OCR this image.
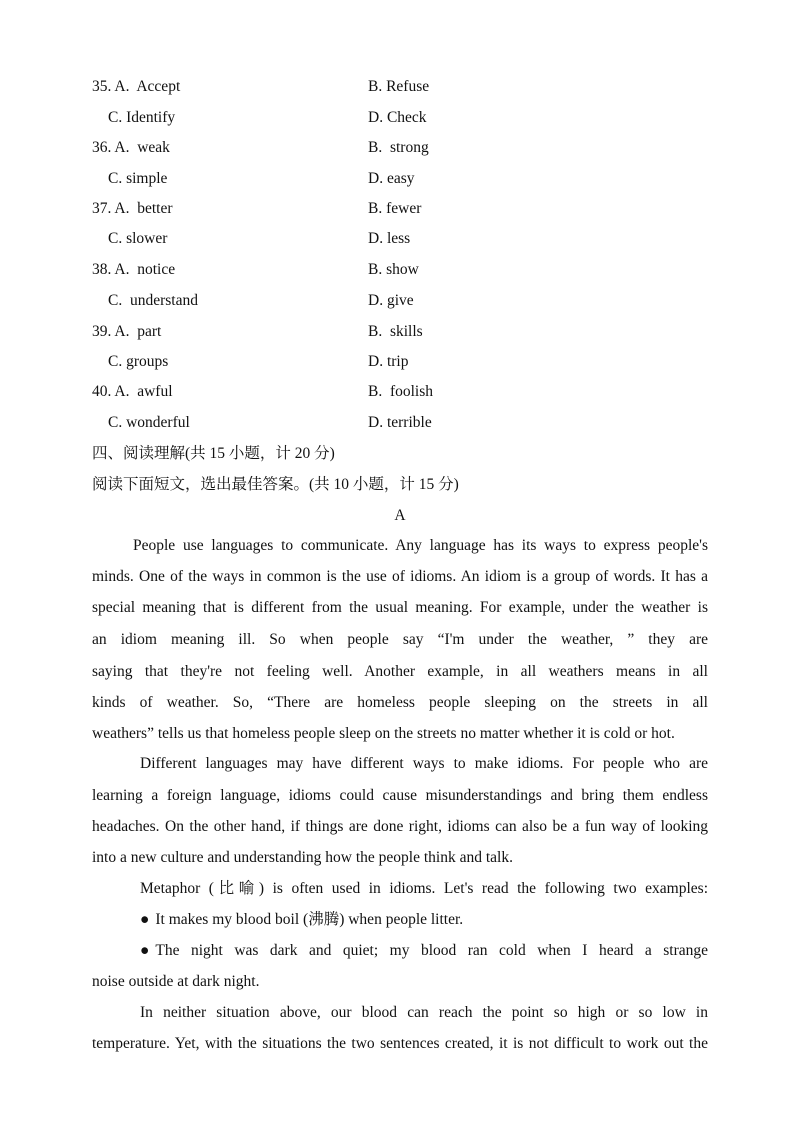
35. A.  Accept	B. Refuse
C. Identify	D. Check
36. A.  weak	B.  strong
C. simple	D. easy
37. A.  better	B. fewer
C. slower	D. less
38. A.  notice	B. show
C.  understand	D. give
39. A.  part	B.  skills
C. groups	D. trip
40. A.  awful	B.  foolish
C. wonderful	D. terrible
四、阅读理解(共 15 小题，计 20 分)
阅读下面短文，选出最佳答案。(共 10 小题，计 15 分)
A
People use languages to communicate. Any language has its ways to express people's
minds. One of the ways in common is the use of idioms. An idiom is a group of words. It has a
special meaning that is different from the usual meaning. For example, under the weather is
an idiom meaning ill. So when people say “I'm under the weather, ” they are
saying that they're not feeling well. Another example, in all weathers means in all
kinds of weather. So, “There are homeless people sleeping on the streets in all
weathers” tells us that homeless people sleep on the streets no matter whether it is cold or hot.
Different languages may have different ways to make idioms. For people who are
learning a foreign language, idioms could cause misunderstandings and bring them endless
headaches. On the other hand, if things are done right, idioms can also be a fun way of looking
into a new culture and understanding how the people think and talk.
Metaphor (比喻) is often used in idioms. Let's read the following two examples:
● It makes my blood boil (沸腾) when people litter.
● The night was dark and quiet; my blood ran cold when I heard a strange
noise outside at dark night.
In neither situation above, our blood can reach the point so high or so low in
temperature. Yet, with the situations the two sentences created, it is not difficult to work out the
